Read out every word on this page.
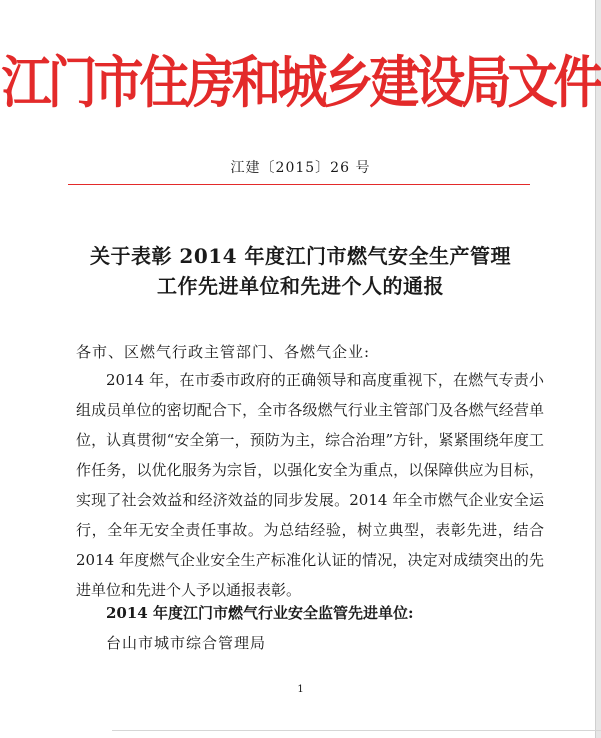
江门市住房和城乡建设局文件
江建〔2015〕26 号
关于表彰 2014 年度江门市燃气安全生产管理
工作先进单位和先进个人的通报
各市、区燃气行政主管部门、各燃气企业:
2014 年，在市委市政府的正确领导和高度重视下，在燃气专责小组成员单位的密切配合下，全市各级燃气行业主管部门及各燃气经营单位，认真贯彻“安全第一，预防为主，综合治理”方针，紧紧围绕年度工作任务，以优化服务为宗旨，以强化安全为重点，以保障供应为目标，实现了社会效益和经济效益的同步发展。2014 年全市燃气企业安全运行，全年无安全责任事故。为总结经验，树立典型，表彰先进，结合 2014 年度燃气企业安全生产标准化认证的情况，决定对成绩突出的先进单位和先进个人予以通报表彰。
2014 年度江门市燃气行业安全监管先进单位:
台山市城市综合管理局
1
